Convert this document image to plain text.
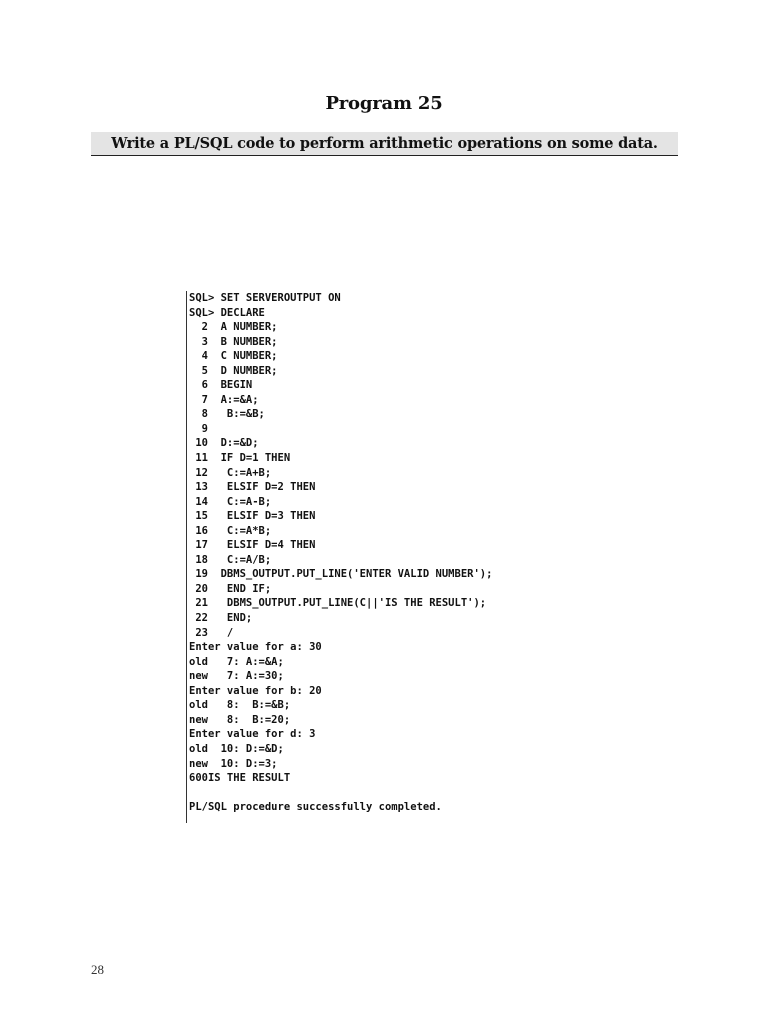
Program 25
Write a PL/SQL code to perform arithmetic operations on some data.
SQL> SET SERVEROUTPUT ON
SQL> DECLARE
2  A NUMBER;
3  B NUMBER;
4  C NUMBER;
5  D NUMBER;
6  BEGIN
7  A:=&A;
8   B:=&B;
9
10  D:=&D;
11  IF D=1 THEN
12   C:=A+B;
13   ELSIF D=2 THEN
14   C:=A-B;
15   ELSIF D=3 THEN
16   C:=A*B;
17   ELSIF D=4 THEN
18   C:=A/B;
19  DBMS_OUTPUT.PUT_LINE('ENTER VALID NUMBER');
20   END IF;
21   DBMS_OUTPUT.PUT_LINE(C||'IS THE RESULT');
22   END;
23   /
Enter value for a: 30
old   7: A:=&A;
new   7: A:=30;
Enter value for b: 20
old   8:  B:=&B;
new   8:  B:=20;
Enter value for d: 3
old  10: D:=&D;
new  10: D:=3;
600IS THE RESULT
PL/SQL procedure successfully completed.
28
